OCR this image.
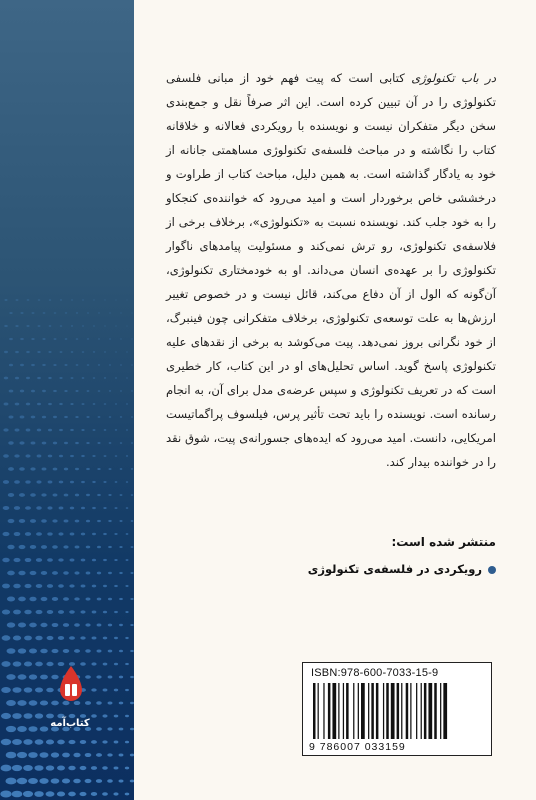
در باب تکنولوژی کتابی است که پیت فهم خود از مبانی فلسفی تکنولوژی را در آن تبیین کرده است. این اثر صرفاً نقل و جمع‌بندی سخن دیگر متفکران نیست و نویسنده با رویکردی فعالانه و خلاقانه کتاب را نگاشته و در مباحث فلسفه‌ی تکنولوژی مساهمتی جانانه از خود به یادگار گذاشته است. به همین دلیل، مباحث کتاب از طراوت و درخششی خاص برخوردار است و امید می‌رود که خواننده‌ی کنجکاو را به خود جلب کند. نویسنده نسبت به «تکنولوژی»، برخلاف برخی از فلاسفه‌ی تکنولوژی، رو ترش نمی‌کند و مسئولیت پیامدهای ناگوار تکنولوژی را بر عهده‌ی انسان می‌داند. او به خودمختاری تکنولوژی، آن‌گونه که الول از آن دفاع می‌کند، قائل نیست و در خصوص تغییر ارزش‌ها به علت توسعه‌ی تکنولوژی، برخلاف متفکرانی چون فینبرگ، از خود نگرانی بروز نمی‌دهد. پیت می‌کوشد به برخی از نقدهای علیه تکنولوژی پاسخ گوید. اساس تحلیل‌های او در این کتاب، کار خطیری است که در تعریف تکنولوژی و سپس عرضه‌ی مدل برای آن، به انجام رسانده است. نویسنده را باید تحت تأثیر پرس، فیلسوف پراگماتیست امریکایی، دانست. امید می‌رود که ایده‌های جسورانه‌ی پیت، شوق نقد را در خواننده بیدار کند.
منتشر شده است:
رویکردی در فلسفه‌ی تکنولوژی
ISBN:978-600-7033-15-9
9 786007 033159
کتاب‌آمه
